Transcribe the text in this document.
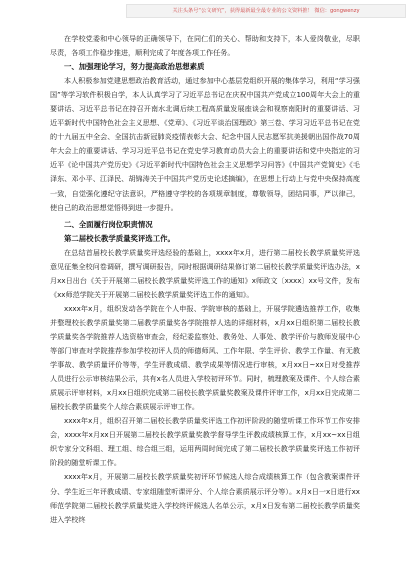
关注头条号“公文研究”，获得最新最全最专业的公文资料推！ 微信：gongwenzy

在学校党委和中心领导的正确领导下，在同仁们的关心、帮助和支持下，本人爱岗敬业，尽职尽责，各项工作稳步推进，顺利完成了年度各项工作任务。

一、加强理论学习，努力提高政治思想素质

本人积极参加党建思想政治教育活动，通过参加中心基层党组织开展的集体学习，利用“学习强国”等学习软件积极自学，本人认真学习了习近平总书记在庆祝中国共产党成立100周年大会上的重要讲话、习近平总书记在持召开南水北调后续工程高质量发展座谈会和视察南阳时的重要讲话、习近平新时代中国特色社会主义思想、《党章》、《习近平谈治国理政》第三卷、学习习近平总书记在党的十九届五中全会、全国抗击新冠肺炎疫情表彰大会、纪念中国人民志愿军抗美援朝出国作战70周年大会上的重要讲话、学习习近平总书记在党史学习教育动员大会上的重要讲话和党中央指定的习近平《论中国共产党历史》《习近平新时代中国特色社会主义思想学习问答》《中国共产党简史》《毛泽东、邓小平、江泽民、胡锦涛关于中国共产党历史论述摘编》，在思想上行动上与党中央保持高度一致，自觉强化遵纪守法意识，严格遵守学校的各项规章制度，尊敬领导，团结同事，严以律己，使自己的政治思想觉悟得到进一步提升。

二、全面履行岗位职责情况

第二届校长教学质量奖评选工作。

在总结首届校长教学质量奖评选经验的基础上，xxxx年x月，进行第二届校长教学质量奖评选意见征集全校问卷调研，撰写调研报告，同时根据调研结果修订第二届校长教学质量奖评选办法，x月xx日出台《关于开展第二届校长教学质量奖评选工作的通知》x师政文〔xxxx〕xx号文件，发布《xx师范学院关于开展第二届校长教学质量奖评选工作的通知》。

xxxx年x月，组织发动各学院在个人申报、学院审核的基础上，开展学院遴选推荐工作，收集并整理校长教学质量奖第二届教学质量奖各学院推荐人选的详细材料，x月xx日组织第二届校长教学质量奖各学院推荐人选资格审查会，经纪委监察处、教务处、人事处、教学评价与教师发展中心等部门审查对学院推荐参加学校初评人员的师德师风、工作年限、学生评价、教学工作量、有无教学事故、教学质量评价等等，学生评教成绩、教学成果等情况进行审核，x月xx日~xx日对受推荐人员进行公示审核结果公示，共有x名人员进入学校初评环节。同时，梳理教案及课件、个人综合素质展示评审材料，x月xx日组织完成第二届校长教学质量奖教案及课件评审工作，x月xx日完成第二届校长教学质量奖个人综合素质展示评审工作。

xxxx年x月，组织召开第二届校长教学质量奖评选工作初评阶段的随堂听课工作环节工作安排会，xxxx年x月xx日开展第二届校长教学质量奖教学督导学生评教成绩核算工作，x月xx~xx日组织专家分文科组、理工组、综合组三组，运用两周时间完成了第二届校长教学质量奖评选工作初评阶段的随堂听课工作。

xxxx年x月，开展第二届校长教学质量奖初评环节候选人综合成绩核算工作（包含教案课件评分、学生近三年评教成绩、专家组随堂听课评分、个人综合素质展示评分等）。x月x日一x日进行xx师范学院第二届校长教学质量奖进入学校终评候选人名单公示，x月x日发布第二届校长教学质量奖进入学校终
